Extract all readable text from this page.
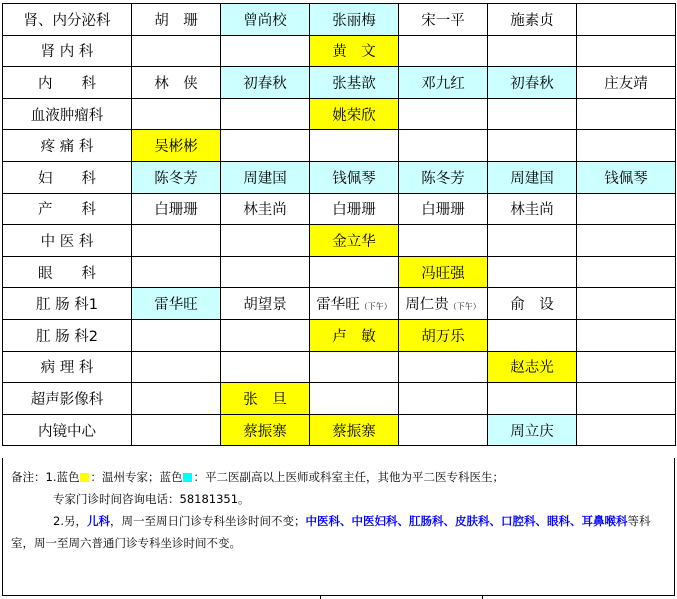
肾、内分泌科	胡　珊	曾尚校	张丽梅	宋一平	施素贞	
肾 内 科			黄　文			
内　　科	林　侠	初春秋	张基歆	邓九红	初春秋	庄友靖
血液肿瘤科			姚荣欣			
疼 痛 科	吴彬彬					
妇　　科	陈冬芳	周建国	钱佩琴	陈冬芳	周建国	钱佩琴
产　　科	白珊珊	林圭尚	白珊珊	白珊珊	林圭尚	
中 医 科			金立华			
眼　　科				冯旺强		
肛 肠 科1	雷华旺	胡望景	雷华旺（下午）	周仁贵（下午）	俞　设	
肛 肠 科2			卢　敏	胡万乐		
病 理 科					赵志光	
超声影像科		张　旦				
内镜中心		蔡振寨	蔡振寨		周立庆	

备注：1.蓝色 ：温州专家；蓝色 ：平二医副高以上医师或科室主任，其他为平二医专科医生；

专家门诊时间咨询电话：58181351。

2.另，儿科，周一至周日门诊专科坐诊时间不变；中医科、中医妇科、肛肠科、皮肤科、口腔科、眼科、耳鼻喉科等科室，周一至周六普通门诊专科坐诊时间不变。
